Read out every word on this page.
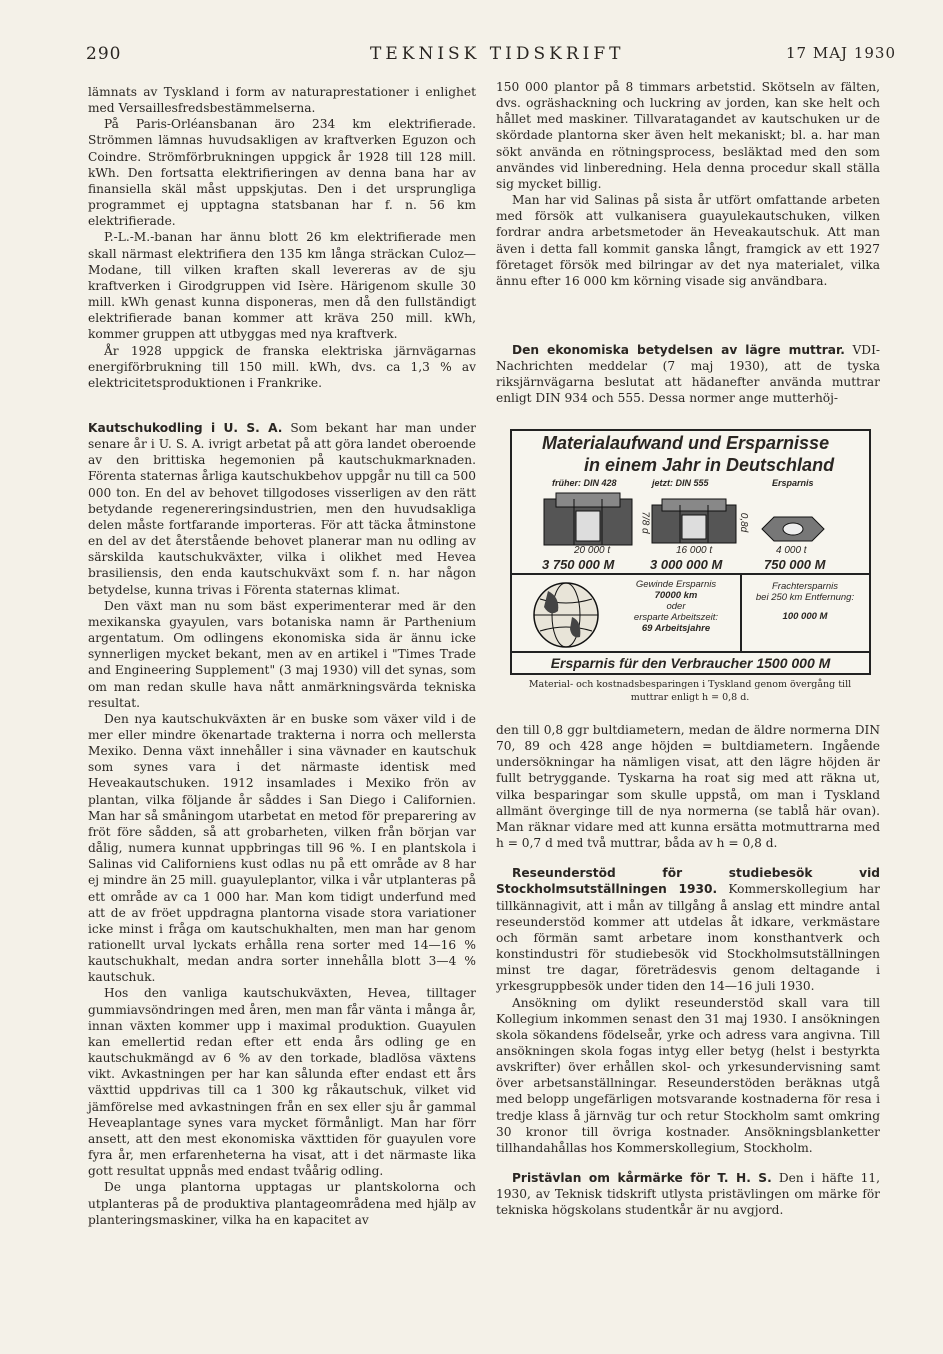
290	TEKNISK TIDSKRIFT	17 MAJ 1930

lämnats av Tyskland i form av naturaprestationer i enlighet med Versaillesfredsbestämmelserna.

På Paris-Orléansbanan äro 234 km elektrifierade. Strömmen lämnas huvudsakligen av kraftverken Eguzon och Coindre. Strömförbrukningen uppgick år 1928 till 128 mill. kWh. Den fortsatta elektrifieringen av denna bana har av finansiella skäl måst uppskjutas. Den i det ursprungliga programmet ej upptagna statsbanan har f. n. 56 km elektrifierade.

P.-L.-M.-banan har ännu blott 26 km elektrifierade men skall närmast elektrifiera den 135 km långa sträckan Culoz—Modane, till vilken kraften skall levereras av de sju kraftverken i Girodgruppen vid Isère. Härigenom skulle 30 mill. kWh genast kunna disponeras, men då den fullständigt elektrifierade banan kommer att kräva 250 mill. kWh, kommer gruppen att utbyggas med nya kraftverk.

År 1928 uppgick de franska elektriska järnvägarnas energiförbrukning till 150 mill. kWh, dvs. ca 1,3 % av elektricitetsproduktionen i Frankrike.

Kautschukodling i U. S. A. Som bekant har man under senare år i U. S. A. ivrigt arbetat på att göra landet oberoende av den brittiska hegemonien på kautschukmarknaden. Förenta staternas årliga kautschukbehov uppgår nu till ca 500 000 ton. En del av behovet tillgodoses visserligen av den rätt betydande regenereringsindustrien, men den huvudsakliga delen måste fortfarande importeras. För att täcka åtminstone en del av det återstående behovet planerar man nu odling av särskilda kautschukväxter, vilka i olikhet med Hevea brasiliensis, den enda kautschukväxt som f. n. har någon betydelse, kunna trivas i Förenta staternas klimat.

Den växt man nu som bäst experimenterar med är den mexikanska gyayulen, vars botaniska namn är Parthenium argentatum. Om odlingens ekonomiska sida är ännu icke synnerligen mycket bekant, men av en artikel i "Times Trade and Engineering Supplement" (3 maj 1930) vill det synas, som om man redan skulle hava nått anmärkningsvärda tekniska resultat.

Den nya kautschukväxten är en buske som växer vild i de mer eller mindre ökenartade trakterna i norra och mellersta Mexiko. Denna växt innehåller i sina vävnader en kautschuk som synes vara i det närmaste identisk med Heveakautschuken. 1912 insamlades i Mexiko frön av plantan, vilka följande år såddes i San Diego i Californien. Man har så småningom utarbetat en metod för preparering av fröt före sådden, så att grobarheten, vilken från början var dålig, numera kunnat uppbringas till 96 %. I en plantskola i Salinas vid Californiens kust odlas nu på ett område av 8 har ej mindre än 25 mill. guayuleplantor, vilka i vår utplanteras på ett område av ca 1 000 har. Man kom tidigt underfund med att de av fröet uppdragna plantorna visade stora variationer icke minst i fråga om kautschukhalten, men man har genom rationellt urval lyckats erhålla rena sorter med 14—16 % kautschukhalt, medan andra sorter innehålla blott 3—4 % kautschuk.

Hos den vanliga kautschukväxten, Hevea, tilltager gummiavsöndringen med åren, men man får vänta i många år, innan växten kommer upp i maximal produktion. Guayulen kan emellertid redan efter ett enda års odling ge en kautschukmängd av 6 % av den torkade, bladlösa växtens vikt. Avkastningen per har kan sålunda efter endast ett års växttid uppdrivas till ca 1 300 kg råkautschuk, vilket vid jämförelse med avkastningen från en sex eller sju år gammal Heveaplantage synes vara mycket förmånligt. Man har förr ansett, att den mest ekonomiska växttiden för guayulen vore fyra år, men erfarenheterna ha visat, att i det närmaste lika gott resultat uppnås med endast tvåårig odling.

De unga plantorna upptagas ur plantskolorna och utplanteras på de produktiva plantageområdena med hjälp av planteringsmaskiner, vilka ha en kapacitet av

150 000 plantor på 8 timmars arbetstid. Skötseln av fälten, dvs. ogräshackning och luckring av jorden, kan ske helt och hållet med maskiner. Tillvaratagandet av kautschuken ur de skördade plantorna sker även helt mekaniskt; bl. a. har man sökt använda en rötningsprocess, besläktad med den som användes vid linberedning. Hela denna procedur skall ställa sig mycket billig.

Man har vid Salinas på sista år utfört omfattande arbeten med försök att vulkanisera guayulekautschuken, vilken fordrar andra arbetsmetoder än Heveakautschuk. Att man även i detta fall kommit ganska långt, framgick av ett 1927 företaget försök med bilringar av det nya materialet, vilka ännu efter 16 000 km körning visade sig användbara.

Den ekonomiska betydelsen av lägre muttrar. VDI-Nachrichten meddelar (7 maj 1930), att de tyska riksjärnvägarna beslutat att hädanefter använda muttrar enligt DIN 934 och 555. Dessa normer ange mutterhöj-

Materialaufwand und Ersparnisse
in einem Jahr in Deutschland
früher: DIN 428	jetzt: DIN 555	Ersparnis
7/8 d	0,8d
20 000 t	16 000 t	4 000 t
3 750 000 M	3 000 000 M	750 000 M
Gewinde Ersparnis
70000 km
oder
ersparte Arbeitszeit:
69 Arbeitsjahre
Frachtersparnis
bei 250 km Entfernung:
100 000 M
Ersparnis für den Verbraucher 1500 000 M
Material- och kostnadsbesparingen i Tyskland genom övergång till muttrar enligt h = 0,8 d.

den till 0,8 ggr bultdiametern, medan de äldre normerna DIN 70, 89 och 428 ange höjden = bultdiametern. Ingående undersökningar ha nämligen visat, att den lägre höjden är fullt betryggande. Tyskarna ha roat sig med att räkna ut, vilka besparingar som skulle uppstå, om man i Tyskland allmänt överginge till de nya normerna (se tablå här ovan). Man räknar vidare med att kunna ersätta motmuttrarna med h = 0,7 d med två muttrar, båda av h = 0,8 d.

Reseunderstöd för studiebesök vid Stockholmsutställningen 1930. Kommerskollegium har tillkännagivit, att i mån av tillgång å anslag ett mindre antal reseunderstöd kommer att utdelas åt idkare, verkmästare och förmän samt arbetare inom konsthantverk och konstindustri för studiebesök vid Stockholmsutställningen minst tre dagar, företrädesvis genom deltagande i yrkesgruppbesök under tiden den 14—16 juli 1930.

Ansökning om dylikt reseunderstöd skall vara till Kollegium inkommen senast den 31 maj 1930. I ansökningen skola sökandens födelseår, yrke och adress vara angivna. Till ansökningen skola fogas intyg eller betyg (helst i bestyrkta avskrifter) över erhållen skol- och yrkesundervisning samt över arbetsanställningar. Reseunderstöden beräknas utgå med belopp ungefärligen motsvarande kostnaderna för resa i tredje klass å järnväg tur och retur Stockholm samt omkring 30 kronor till övriga kostnader. Ansökningsblanketter tillhandahållas hos Kommerskollegium, Stockholm.

Pristävlan om kårmärke för T. H. S. Den i häfte 11, 1930, av Teknisk tidskrift utlysta pristävlingen om märke för tekniska högskolans studentkår är nu avgjord.
